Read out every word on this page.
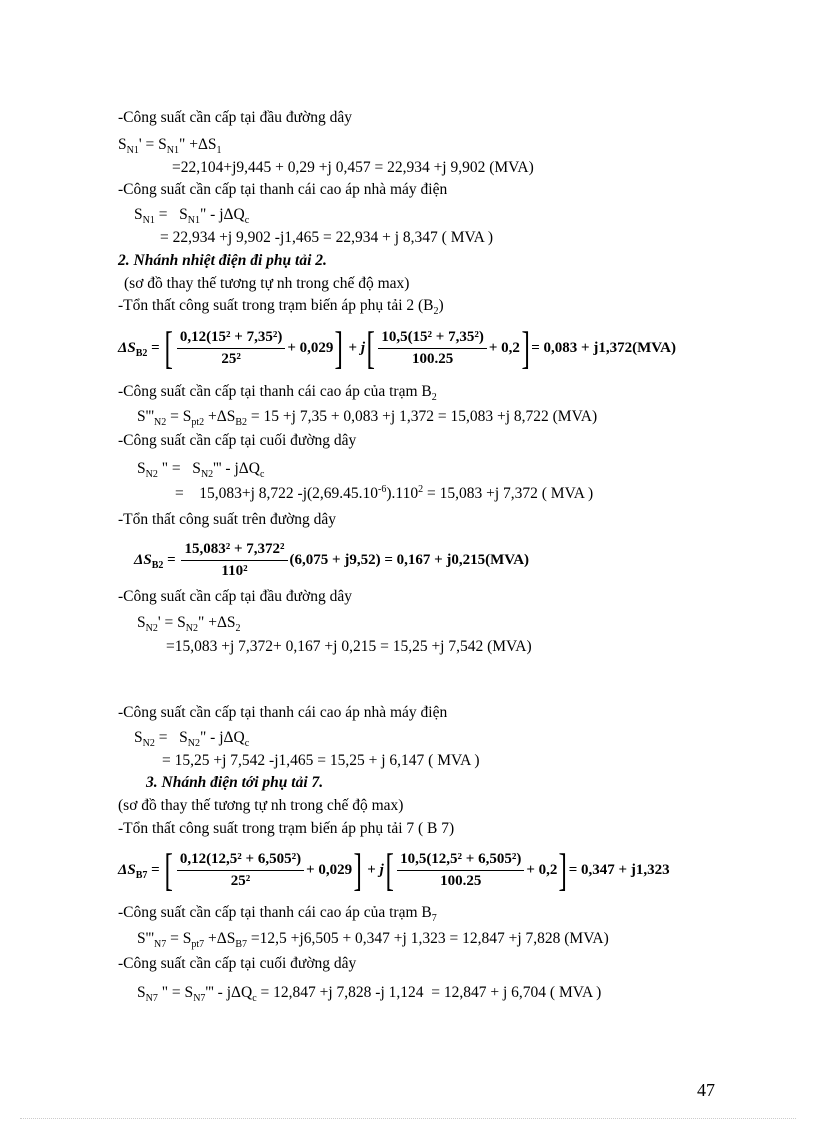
-Công suất cần cấp tại đầu đường dây
$S_{N1}' = S_{N1}$" $+\Delta S_1$
=22,104+j9,445 + 0,29 +j 0,457 = 22,934 +j 9,902 (MVA)
-Công suất cần cấp tại thanh cái cao áp nhà máy điện
$S_{N1} = S_{N1}$" - jΔQ$_c$
= 22,934 +j 9,902 -j1,465 = 22,934 + j 8,347 ( MVA )
2. Nhánh nhiệt điện đi phụ tải 2.
(sơ đồ thay thế tương tự nh trong chế độ max)
-Tổn thất công suất trong trạm biến áp phụ tải 2 $(B_2)$
$\Delta S_{B2}$ = [ $\frac{\text{0,12(15² + 7,35²)}}{\text{25²}} + 0,029$ ] + j [ $\frac{\text{10,5(15² + 7,35²)}}{100.25} + 0,2$ ] = 0,083 + j1,372(MVA)
-Công suất cần cấp tại thanh cái cao áp của trạm $B_2$
$S'''_{N2} = S_{pt2} +\Delta S_{B2} = 15 +j$ 7,35 + 0,083 +j 1,372 = 15,083 +j 8,722 (MVA)
-Công suất cần cấp tại cuối đường dây
$S_{N2}$ " =   $S_{N2}''' - j\Delta Q_c$
=    15,083+j 8,722 $-j(2,69.45.10^{-6}).110^2 = 15,083 +j$ 7,372 ( MVA )
-Tổn thất công suất trên đường dây
$\Delta S_{B2} = \frac{\text{15,083² + 7,372²}}{\text{110²}} (6,075 + j9,52) = 0,167 + j0,215(MVA)$
-Công suất cần cấp tại đầu đường dây
$S_{N2}' = S_{N2}$" $+\Delta S_2$
=15,083 +j 7,372+ 0,167 +j 0,215 = 15,25 +j 7,542 (MVA)
-Công suất cần cấp tại thanh cái cao áp nhà máy điện
$S_{N2} = S_{N2}$" - jΔQ$_c$
= 15,25 +j 7,542 -j1,465 = 15,25 + j 6,147 ( MVA )
3. Nhánh điện tới phụ tải 7.
(sơ đồ thay thế tương tự nh trong chế độ max)
-Tổn thất công suất trong trạm biến áp phụ tải 7 ( B 7)
$\Delta S_{B7}$ = [ $\frac{\text{0,12(12,5² + 6,505²)}}{\text{25²}} + 0,029$ ] + j [ $\frac{\text{10,5(12,5² + 6,505²)}}{100.25} + 0,2$ ] = 0,347 + j1,323
-Công suất cần cấp tại thanh cái cao áp của trạm $B_7$
$S'''_{N7} = S_{pt7} +\Delta S_{B7} =12,5 +j6,505 + 0,347 +j$ 1,323 = 12,847 +j 7,828 (MVA)
-Công suất cần cấp tại cuối đường dây
$S_{N7}$ " = $S_{N7}''' - j\Delta Q_c = 12,847 +j$ 7,828 -j 1,124  = 12,847 + j 6,704 ( MVA )
47
